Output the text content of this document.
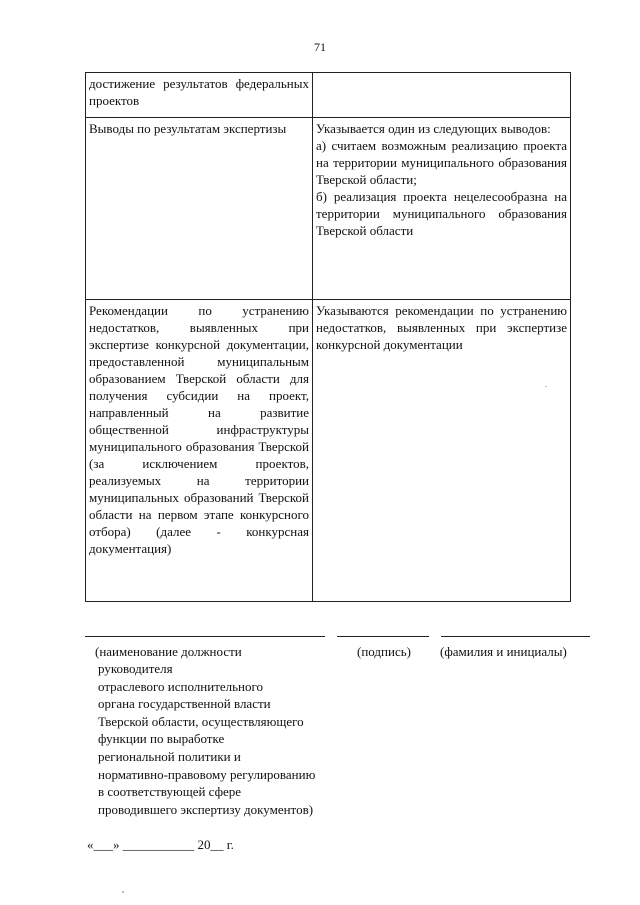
71
достижение результатов федеральных проектов	

Выводы по результатам экспертизы	Указывается один из следующих выводов:
а) считаем возможным реализацию проекта на территории муниципального образования Тверской области;
б) реализация проекта нецелесообразна на территории муниципального образования Тверской области

Рекомендации по устранению недостатков, выявленных при экспертизе конкурсной документации, предоставленной муниципальным образованием Тверской области для получения субсидии на проект, направленный на развитие общественной инфраструктуры муниципального образования Тверской (за исключением проектов, реализуемых на территории муниципальных образований Тверской области на первом этапе конкурсного отбора) (далее - конкурсная документация)	Указываются рекомендации по устранению недостатков, выявленных при экспертизе конкурсной документации
(наименование должности	(подпись) (фамилия и инициалы)
руководителя
отраслевого исполнительного
органа государственной власти
Тверской области, осуществляющего
функции по выработке
региональной политики и
нормативно-правовому регулированию
в соответствующей сфере
проводившего экспертизу документов)
«___» ___________ 20__ г.
